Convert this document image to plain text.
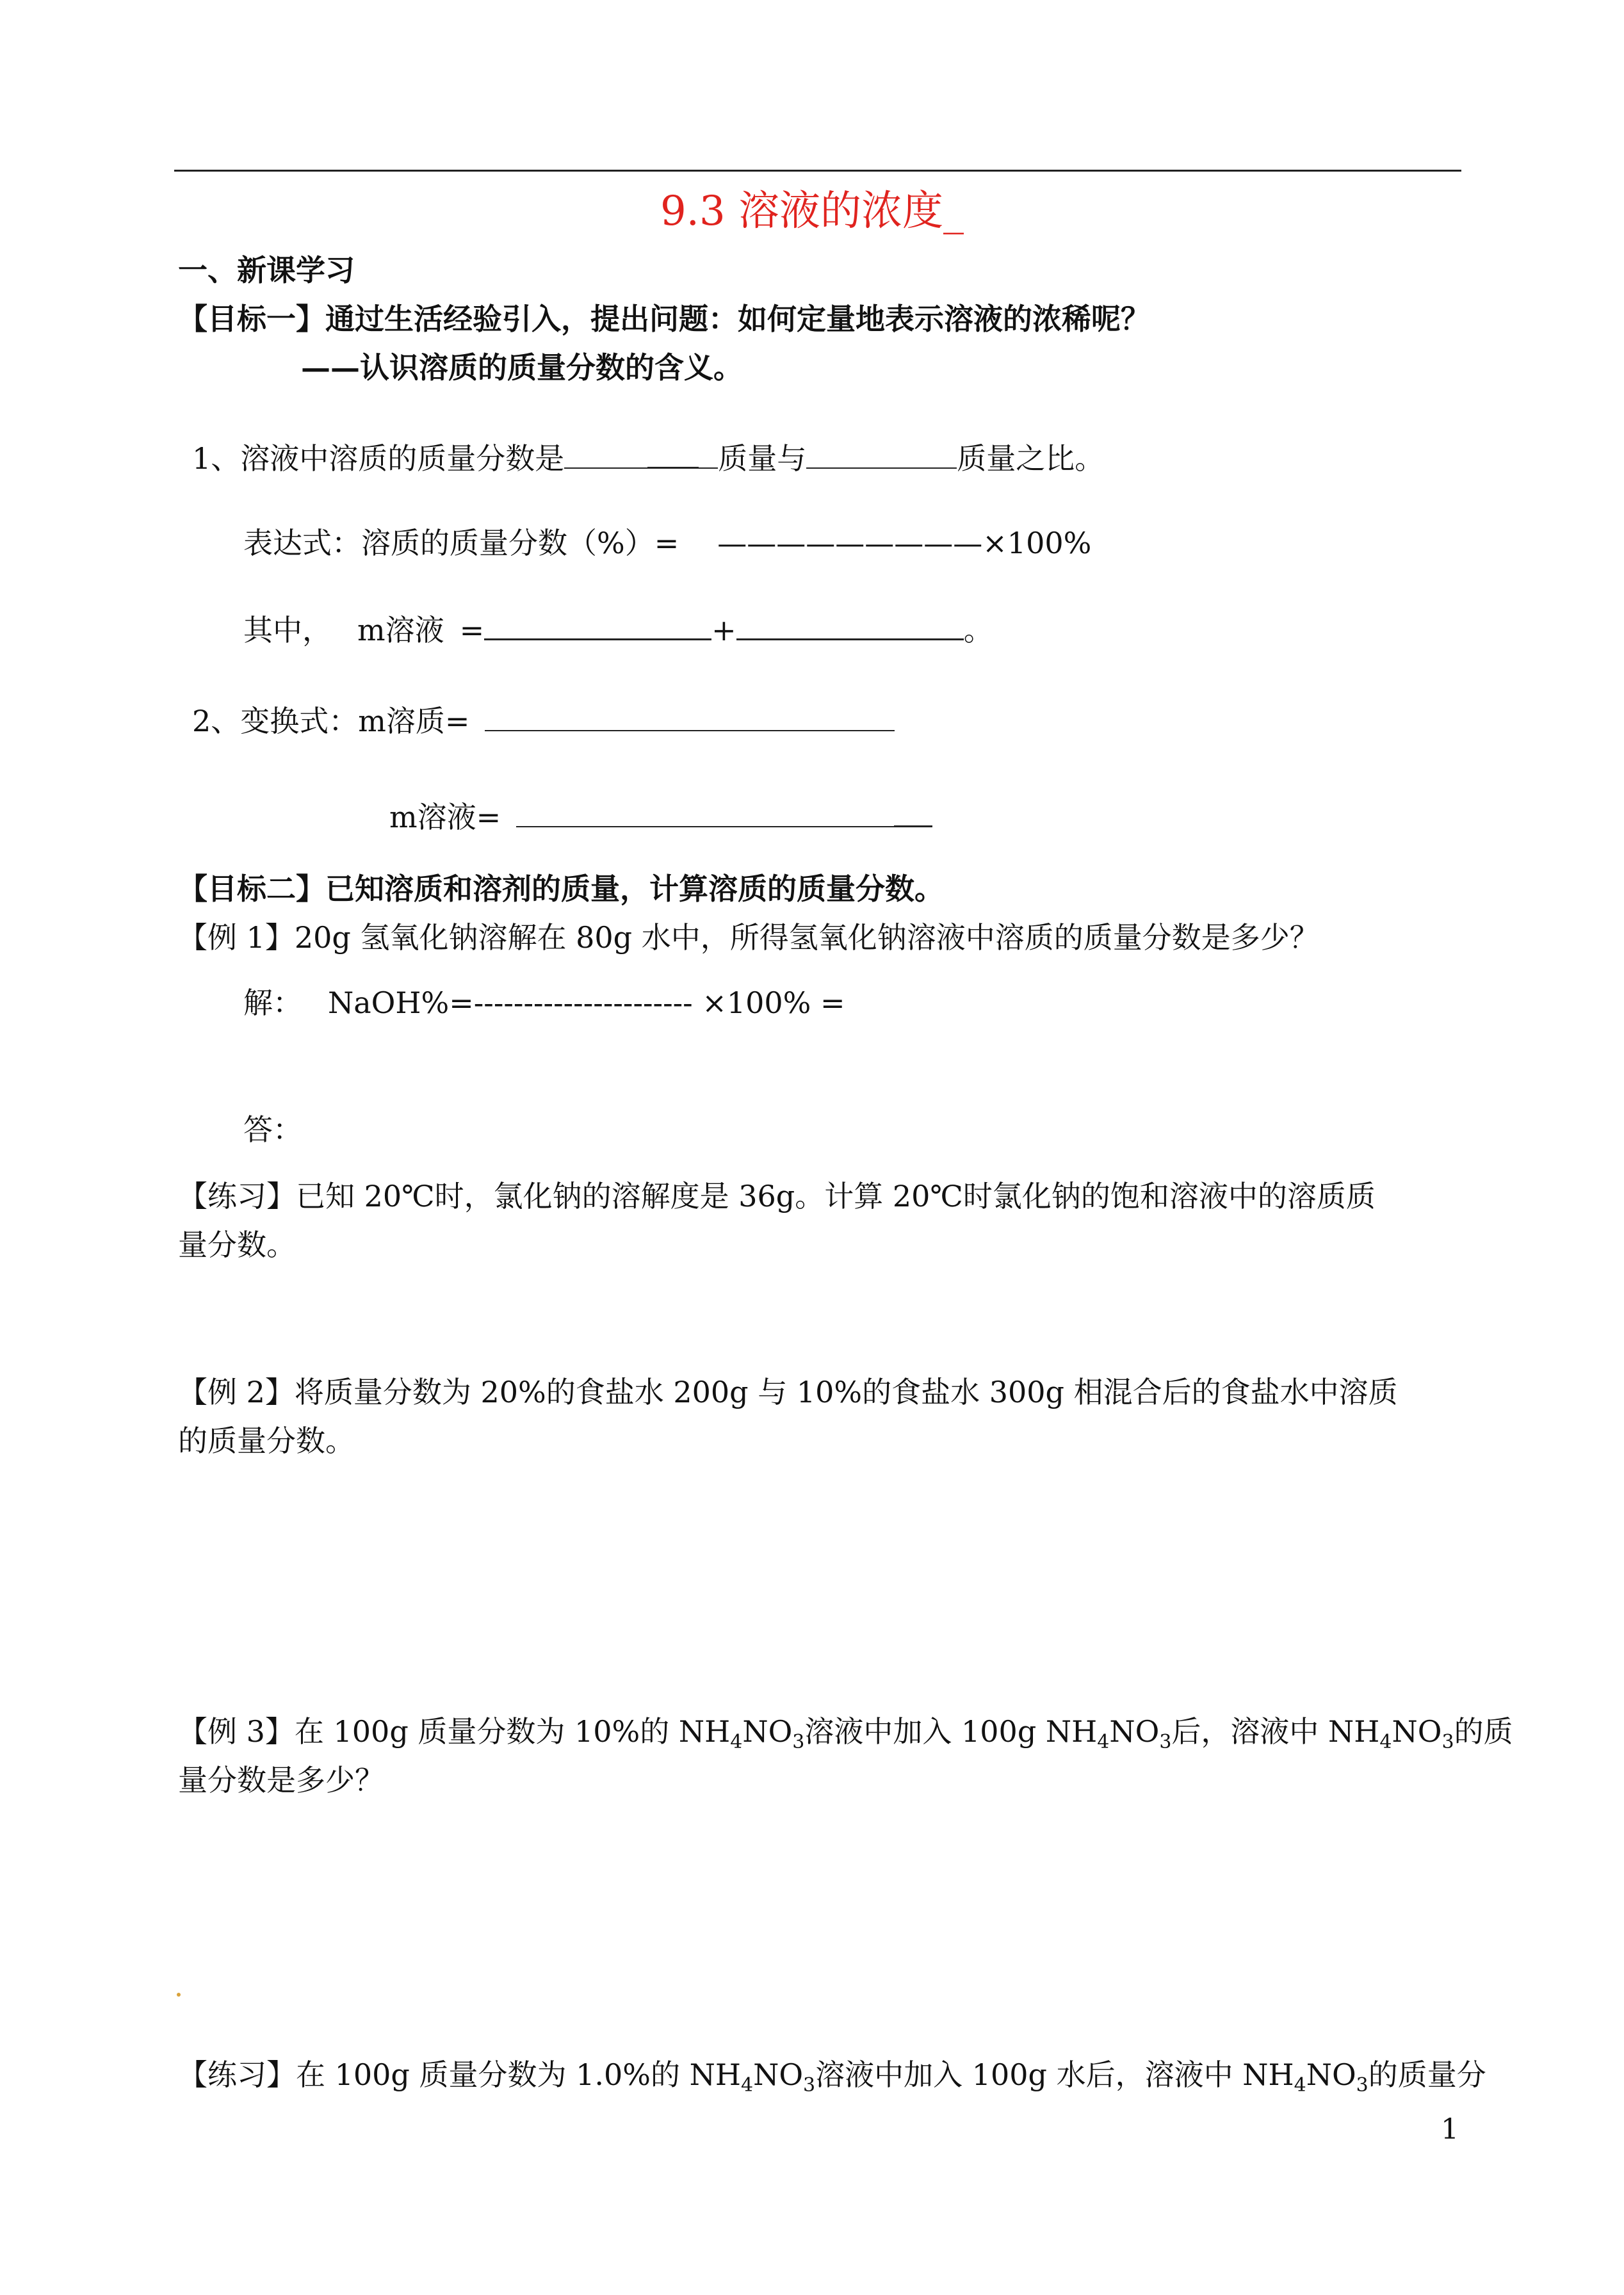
9.3 溶液的浓度_
一、新课学习
【目标一】通过生活经验引入，提出问题：如何定量地表示溶液的浓稀呢？
——认识溶质的质量分数的含义。
1、溶液中溶质的质量分数是	质量与	质量之比。
表达式：溶质的质量分数（%）= —————————×100%
其中， m溶液 =	+	。
2、变换式：m溶质=
m溶液=
【目标二】已知溶质和溶剂的质量，计算溶质的质量分数。
【例 1】20g 氢氧化钠溶解在 80g 水中，所得氢氧化钠溶液中溶质的质量分数是多少？
解： NaOH%=---------------------- ×100% =
答：
【练习】已知 20℃时，氯化钠的溶解度是 36g。计算 20℃时氯化钠的饱和溶液中的溶质质
量分数。
【例 2】将质量分数为 20%的食盐水 200g 与 10%的食盐水 300g 相混合后的食盐水中溶质
的质量分数。
【例 3】在 100g 质量分数为 10%的 $NH_4NO_3$溶液中加入 100g $NH_4NO_3$后，溶液中 $NH_4NO_3$的质
量分数是多少？
【练习】在 100g 质量分数为 1.0%的 $NH_4NO_3$溶液中加入 100g 水后，溶液中 $NH_4NO_3$的质量分
1
